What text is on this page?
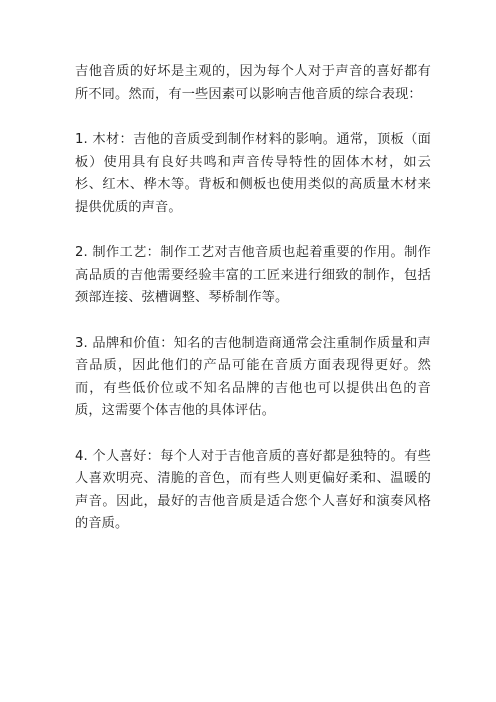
吉他音质的好坏是主观的，因为每个人对于声音的喜好都有所不同。然而，有一些因素可以影响吉他音质的综合表现：

1. 木材：吉他的音质受到制作材料的影响。通常，顶板（面板）使用具有良好共鸣和声音传导特性的固体木材，如云杉、红木、桦木等。背板和侧板也使用类似的高质量木材来提供优质的声音。

2. 制作工艺：制作工艺对吉他音质也起着重要的作用。制作高品质的吉他需要经验丰富的工匠来进行细致的制作，包括颈部连接、弦槽调整、琴桥制作等。

3. 品牌和价值：知名的吉他制造商通常会注重制作质量和声音品质，因此他们的产品可能在音质方面表现得更好。然而，有些低价位或不知名品牌的吉他也可以提供出色的音质，这需要个体吉他的具体评估。

4. 个人喜好：每个人对于吉他音质的喜好都是独特的。有些人喜欢明亮、清脆的音色，而有些人则更偏好柔和、温暖的声音。因此，最好的吉他音质是适合您个人喜好和演奏风格的音质。
